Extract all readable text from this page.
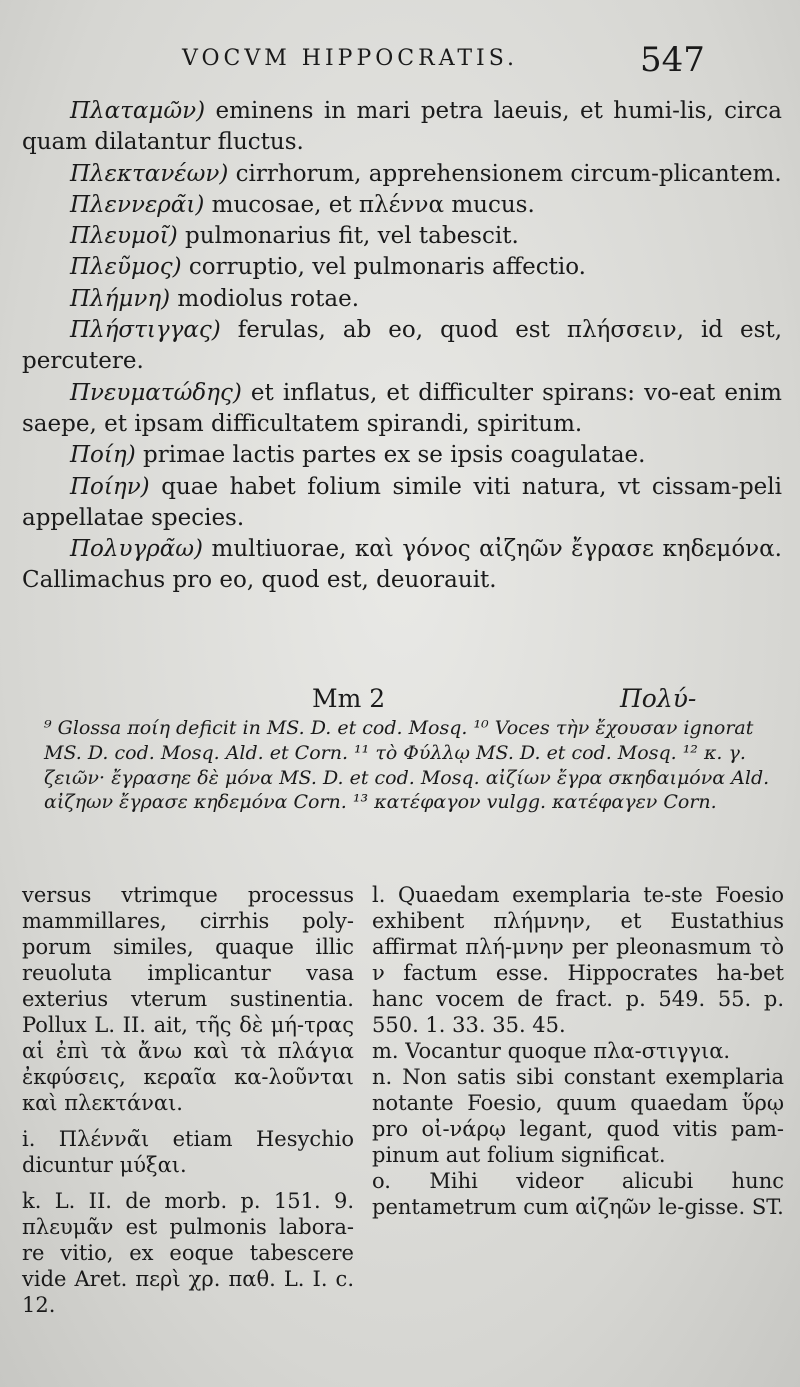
VOCVM HIPPOCRATIS.	547

Πλαταμῶν) eminens in mari petra laeuis, et humi-lis, circa quam dilatantur fluctus.

Πλεκτανέων) cirrhorum, apprehensionem circum-plicantem.

Πλεννερα̃ι) mucosae, et πλέννα mucus.

Πλευμοῖ) pulmonarius fit, vel tabescit.

Πλεῦμος) corruptio, vel pulmonaris affectio.

Πλήμνη) modiolus rotae.

Πλήστιγγας) ferulas, ab eo, quod est πλήσσειν, id est, percutere.

Πνευματώδης) et inflatus, et difficulter spirans: vo-eat enim saepe, et ipsam difficultatem spirandi, spiritum.

Ποίη) primae lactis partes ex se ipsis coagulatae.

Ποίην) quae habet folium simile viti natura, vt cissam-peli appellatae species.

Πολυγρα̃ω) multiuorae, καὶ γόνος αἰζηῶν ἔγρασε κηδεμόνα. Callimachus pro eo, quod est, deuorauit.

Mm 2	Πολύ-

⁹ Glossa ποίη deficit in MS. D. et cod. Mosq. ¹⁰ Voces τὴν ἔχουσαν ignorat MS. D. cod. Mosq. Ald. et Corn. ¹¹ τὸ Φύλλῳ MS. D. et cod. Mosq. ¹² κ. γ. ζειῶν· ἔγρασηε δὲ μόνα MS. D. et cod. Mosq. αἰζίων ἔγρα σκηδαιμόνα Ald. αἰζηων ἔγρασε κηδεμόνα Corn. ¹³ κατέφαγον vulgg. κατέφαγεν Corn.

versus vtrimque processus mammillares, cirrhis poly-porum similes, quaque illic reuoluta implicantur vasa exterius vterum sustinentia. Pollux L. II. ait, τῆς δὲ μή-τρας αἱ ἐπὶ τὰ ἄνω καὶ τὰ πλάγια ἐκφύσεις, κεραῖα κα-λοῦνται καὶ πλεκτάναι.

i. Πλέννα̃ι etiam Hesychio dicuntur μύξαι.

k. L. II. de morb. p. 151. 9. πλευμᾶν est pulmonis labora-re vitio, ex eoque tabescere vide Aret. περὶ χρ. παθ. L. I. c. 12.

l. Quaedam exemplaria te-ste Foesio exhibent πλήμνην, et Eustathius affirmat πλή-μνην per pleonasmum τὸ ν factum esse. Hippocrates ha-bet hanc vocem de fract. p. 549. 55. p. 550. 1. 33. 35. 45.

m. Vocantur quoque πλα-στιγγια.

n. Non satis sibi constant exemplaria notante Foesio, quum quaedam ὕρῳ pro οἰ-νάρῳ legant, quod vitis pam-pinum aut folium significat.

o. Mihi videor alicubi hunc pentametrum cum αἰζηῶν le-gisse. ST.
